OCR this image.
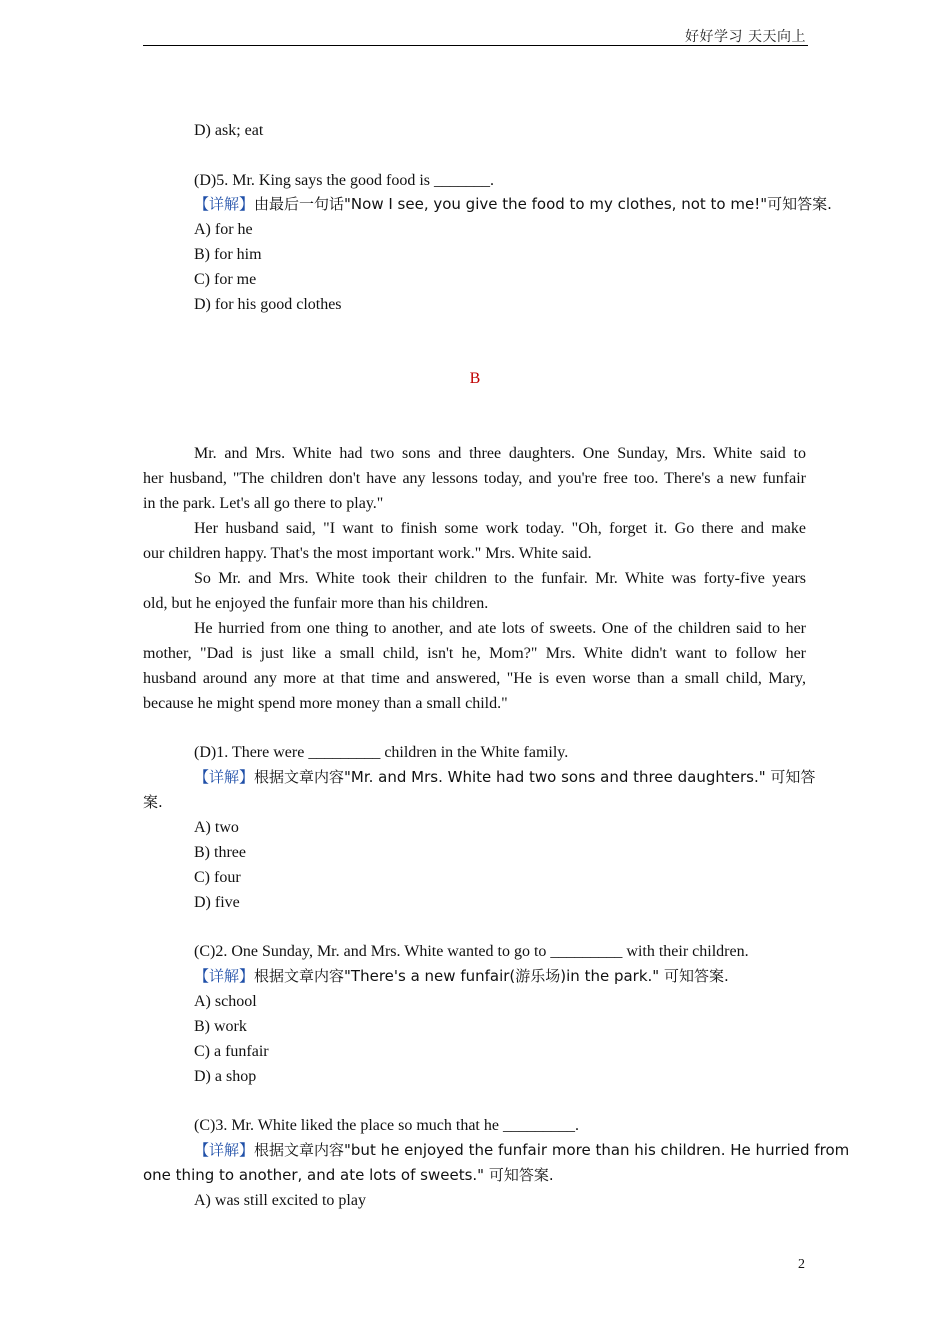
好好学习 天天向上
D) ask; eat
(D)5. Mr. King says the good food is _______.
【详解】由最后一句话"Now I see, you give the food to my clothes, not to me!"可知答案.
A) for he
B) for him
C) for me
D) for his good clothes
B
Mr. and Mrs. White had two sons and three daughters. One Sunday, Mrs. White said to
her husband, "The children don't have any lessons today, and you're free too. There's a new funfair
in the park. Let's all go there to play."
Her husband said, "I want to finish some work today. "Oh, forget it. Go there and make
our children happy. That's the most important work." Mrs. White said.
So Mr. and Mrs. White took their children to the funfair. Mr. White was forty-five years
old, but he enjoyed the funfair more than his children.
He hurried from one thing to another, and ate lots of sweets. One of the children said to her
mother, "Dad is just like a small child, isn't he, Mom?" Mrs. White didn't want to follow her
husband around any more at that time and answered, "He is even worse than a small child, Mary,
because he might spend more money than a small child."
(D)1. There were _________ children in the White family.
【详解】根据文章内容"Mr. and Mrs. White had two sons and three daughters." 可知答
案.
A) two
B) three
C) four
D) five
(C)2. One Sunday, Mr. and Mrs. White wanted to go to _________ with their children.
【详解】根据文章内容"There's a new funfair(游乐场)in the park." 可知答案.
A) school
B) work
C) a funfair
D) a shop
(C)3. Mr. White liked the place so much that he _________.
【详解】根据文章内容"but he enjoyed the funfair more than his children. He hurried from
one thing to another, and ate lots of sweets." 可知答案.
A) was still excited to play
2
